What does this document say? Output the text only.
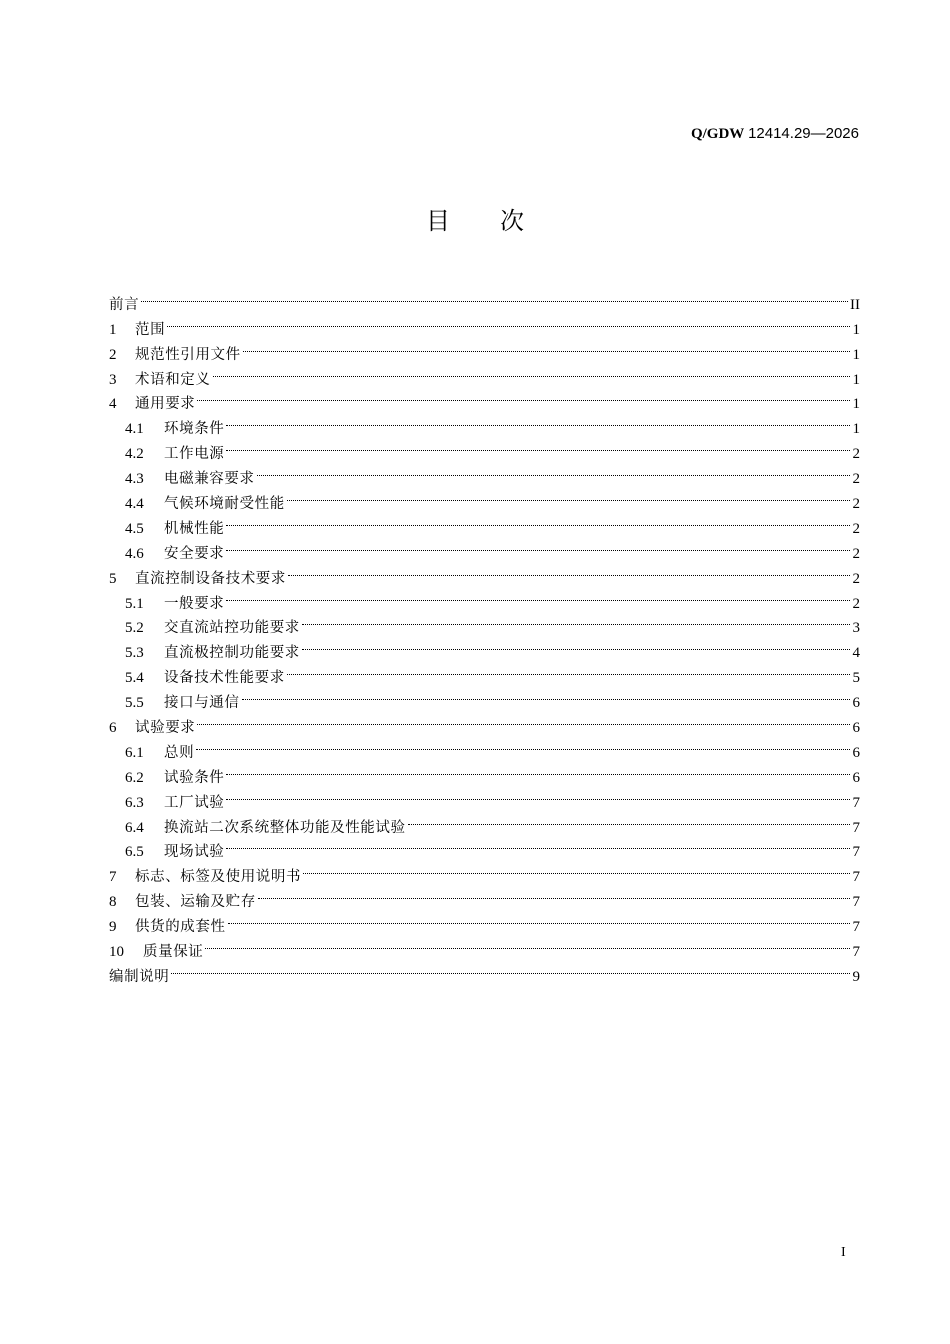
Q/GDW 12414.29—2026
目次
前言	II
1	范围	1
2	规范性引用文件	1
3	术语和定义	1
4	通用要求	1
4.1	环境条件	1
4.2	工作电源	2
4.3	电磁兼容要求	2
4.4	气候环境耐受性能	2
4.5	机械性能	2
4.6	安全要求	2
5	直流控制设备技术要求	2
5.1	一般要求	2
5.2	交直流站控功能要求	3
5.3	直流极控制功能要求	4
5.4	设备技术性能要求	5
5.5	接口与通信	6
6	试验要求	6
6.1	总则	6
6.2	试验条件	6
6.3	工厂试验	7
6.4	换流站二次系统整体功能及性能试验	7
6.5	现场试验	7
7	标志、标签及使用说明书	7
8	包装、运输及贮存	7
9	供货的成套性	7
10	质量保证	7
编制说明	9
I
